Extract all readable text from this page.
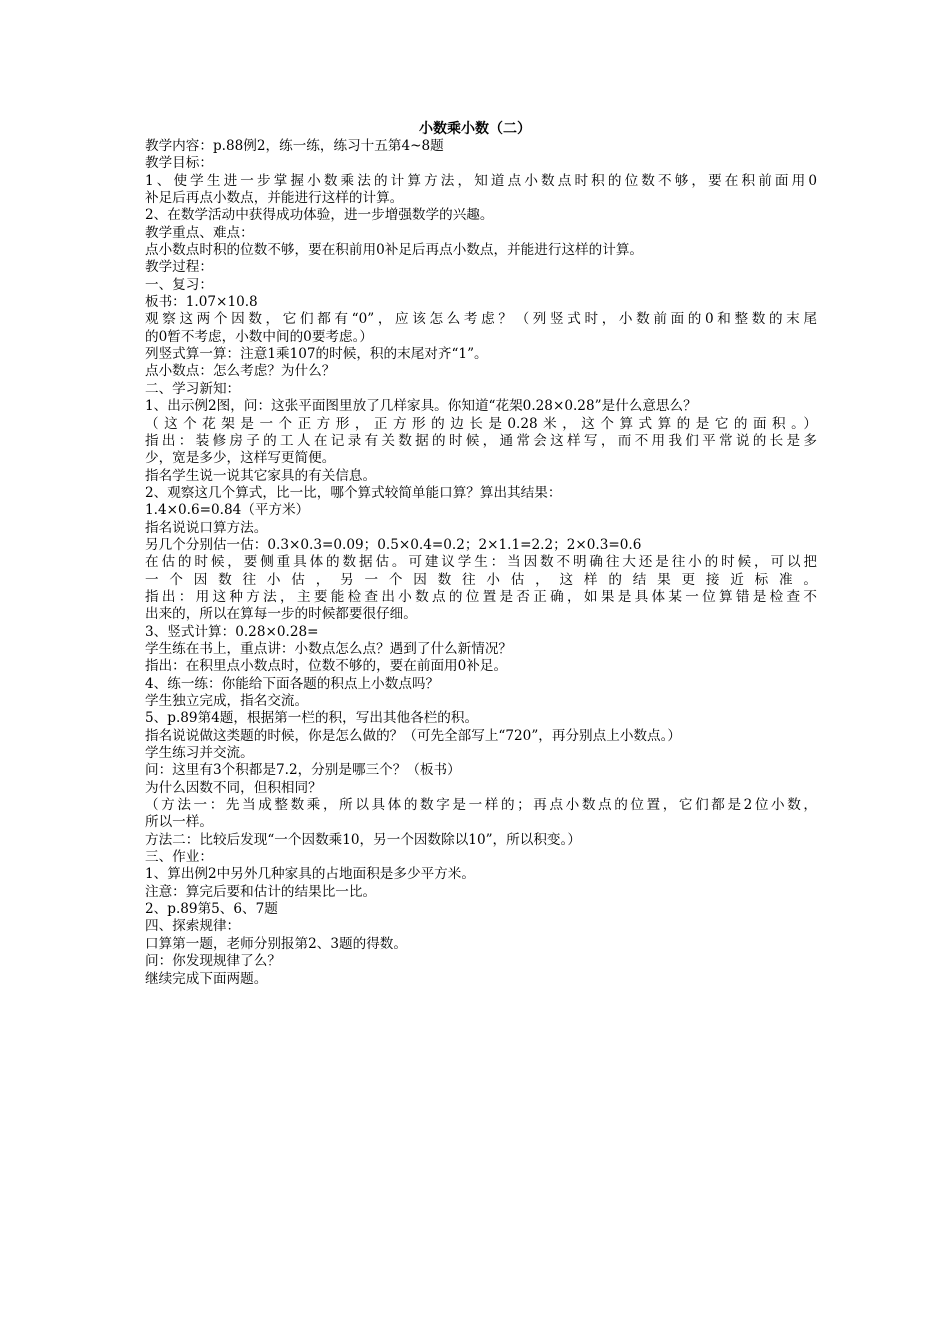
小数乘小数（二）
教学内容：p.88例2，练一练，练习十五第4~8题
教学目标：
1、使学生进一步掌握小数乘法的计算方法，知道点小数点时积的位数不够，要在积前面用0
补足后再点小数点，并能进行这样的计算。
2、在数学活动中获得成功体验，进一步增强数学的兴趣。
教学重点、难点：
点小数点时积的位数不够，要在积前用0补足后再点小数点，并能进行这样的计算。
教学过程：
一、复习：
板书：1.07×10.8
观察这两个因数，它们都有“0”，应该怎么考虑？（列竖式时，小数前面的0和整数的末尾
的0暂不考虑，小数中间的0要考虑。）
列竖式算一算：注意1乘107的时候，积的末尾对齐“1”。
点小数点：怎么考虑？为什么？
二、学习新知：
1、出示例2图，问：这张平面图里放了几样家具。你知道“花架0.28×0.28”是什么意思么？
（这个花架是一个正方形，正方形的边长是0.28米，这个算式算的是它的面积。）
指出：装修房子的工人在记录有关数据的时候，通常会这样写，而不用我们平常说的长是多
少，宽是多少，这样写更简便。
指名学生说一说其它家具的有关信息。
2、观察这几个算式，比一比，哪个算式较简单能口算？算出其结果：
1.4×0.6=0.84（平方米）
指名说说口算方法。
另几个分别估一估：0.3×0.3=0.09；0.5×0.4=0.2；2×1.1=2.2；2×0.3=0.6
在估的时候，要侧重具体的数据估。可建议学生：当因数不明确往大还是往小的时候，可以把
一个因数往小估，另一个因数往小估，这样的结果更接近标准。
指出：用这种方法，主要能检查出小数点的位置是否正确，如果是具体某一位算错是检查不
出来的，所以在算每一步的时候都要很仔细。
3、竖式计算：0.28×0.28=
学生练在书上，重点讲：小数点怎么点？遇到了什么新情况？
指出：在积里点小数点时，位数不够的，要在前面用0补足。
4、练一练：你能给下面各题的积点上小数点吗？
学生独立完成，指名交流。
5、p.89第4题，根据第一栏的积，写出其他各栏的积。
指名说说做这类题的时候，你是怎么做的？（可先全部写上“720”，再分别点上小数点。）
学生练习并交流。
问：这里有3个积都是7.2，分别是哪三个？（板书）
为什么因数不同，但积相同？
（方法一：先当成整数乘，所以具体的数字是一样的；再点小数点的位置，它们都是2位小数，
所以一样。
方法二：比较后发现“一个因数乘10，另一个因数除以10”，所以积变。）
三、作业：
1、算出例2中另外几种家具的占地面积是多少平方米。
注意：算完后要和估计的结果比一比。
2、p.89第5、6、7题
四、探索规律：
口算第一题，老师分别报第2、3题的得数。
问：你发现规律了么？
继续完成下面两题。
